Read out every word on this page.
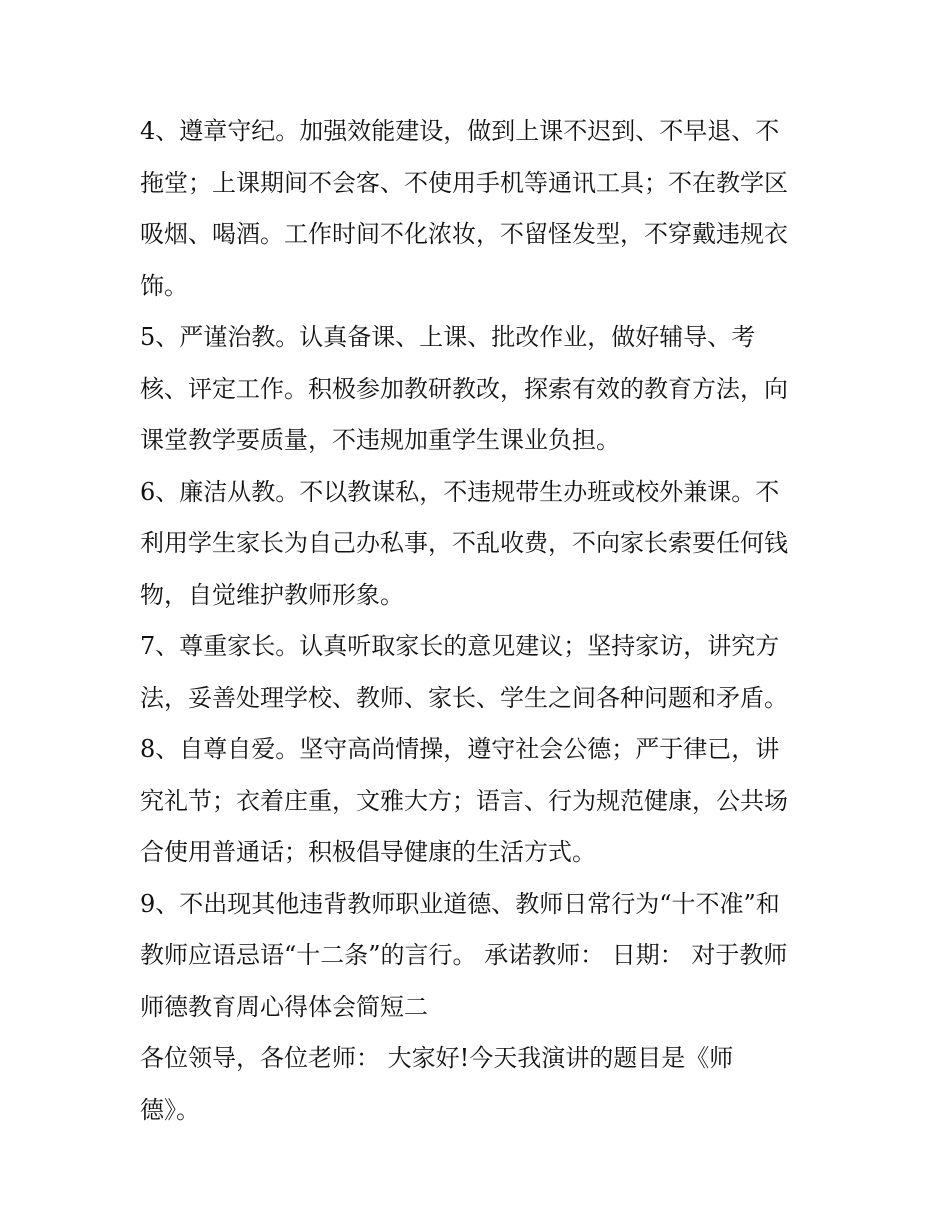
4、遵章守纪。加强效能建设，做到上课不迟到、不早退、不
拖堂；上课期间不会客、不使用手机等通讯工具；不在教学区
吸烟、喝酒。工作时间不化浓妆，不留怪发型，不穿戴违规衣
饰。
5、严谨治教。认真备课、上课、批改作业，做好辅导、考
核、评定工作。积极参加教研教改，探索有效的教育方法，向
课堂教学要质量，不违规加重学生课业负担。
6、廉洁从教。不以教谋私，不违规带生办班或校外兼课。不
利用学生家长为自己办私事，不乱收费，不向家长索要任何钱
物，自觉维护教师形象。
7、尊重家长。认真听取家长的意见建议；坚持家访，讲究方
法，妥善处理学校、教师、家长、学生之间各种问题和矛盾。
8、自尊自爱。坚守高尚情操，遵守社会公德；严于律已，讲
究礼节；衣着庄重，文雅大方；语言、行为规范健康，公共场
合使用普通话；积极倡导健康的生活方式。
9、不出现其他违背教师职业道德、教师日常行为“十不准”和
教师应语忌语“十二条”的言行。 承诺教师： 日期： 对于教师
师德教育周心得体会简短二
各位领导，各位老师： 大家好!今天我演讲的题目是《师
德》。
